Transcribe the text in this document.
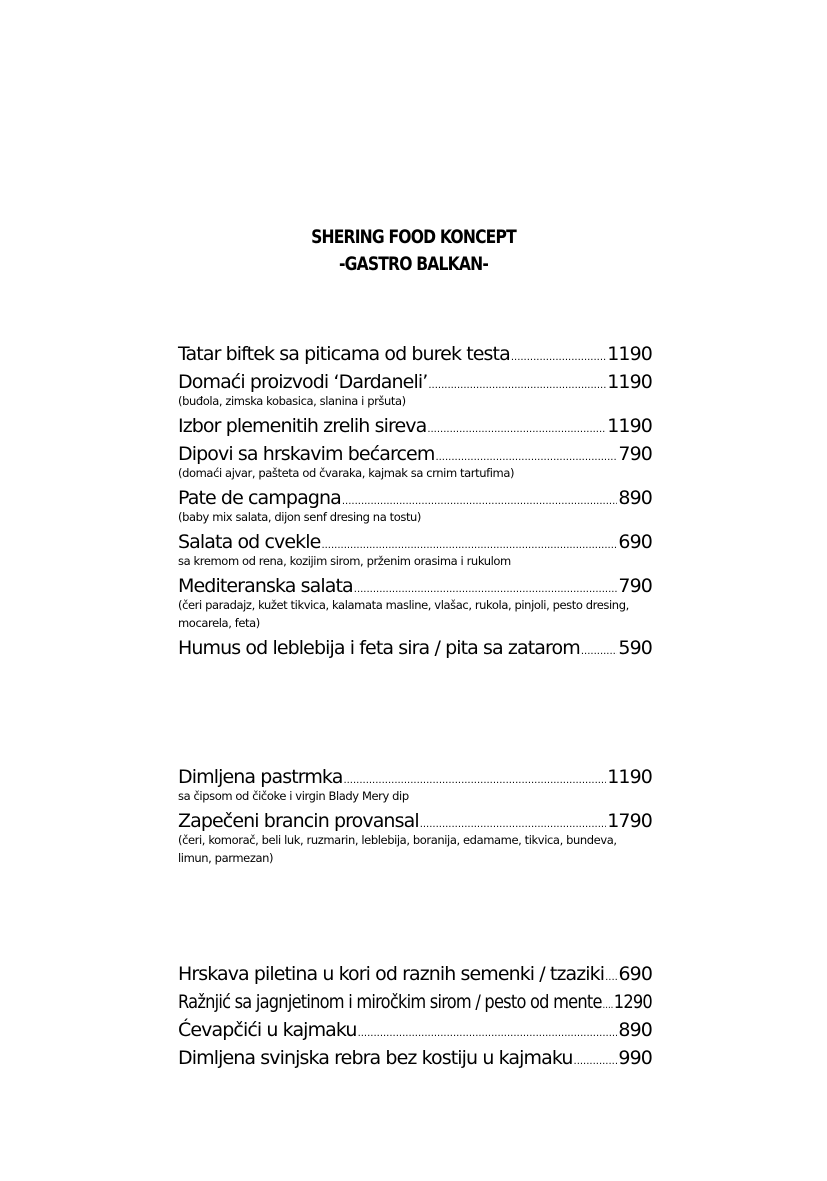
SHERING FOOD KONCEPT
-GASTRO BALKAN-
Tatar biftek sa piticama od burek testa .....	1190
Domaći proizvodi ‘Dardaneli’ .....	1190
(buđola, zimska kobasica, slanina i pršuta)
Izbor plemenitih zrelih sireva .....	1190
Dipovi sa hrskavim bećarcem .....	790
(domaći ajvar, pašteta od čvaraka, kajmak sa crnim tartufima)
Pate de campagna .....	890
(baby mix salata, dijon senf dresing na tostu)
Salata od cvekle .....	690
sa kremom od rena, kozijim sirom, prženim orasima i rukulom
Mediteranska salata .....	790
(čeri paradajz, kužet tikvica, kalamata masline, vlašac, rukola, pinjoli, pesto dresing, mocarela, feta)
Humus od leblebija i feta sira / pita sa zatarom ..... 590
Dimljena pastrmka .....	1190
sa čipsom od čičoke i virgin Blady Mery dip
Zapečeni brancin provansal .....	1790
(čeri, komorač, beli luk, ruzmarin, leblebija, boranija, edamame, tikvica, bundeva, limun, parmezan)
Hrskava piletina u kori od raznih semenki / tzaziki ..... 690
Ražnjić sa jagnjetinom i miročkim sirom / pesto od mente ..... 1290
Ćevapčići u kajmaku .....	890
Dimljena svinjska rebra bez kostiju u kajmaku ..... 990
